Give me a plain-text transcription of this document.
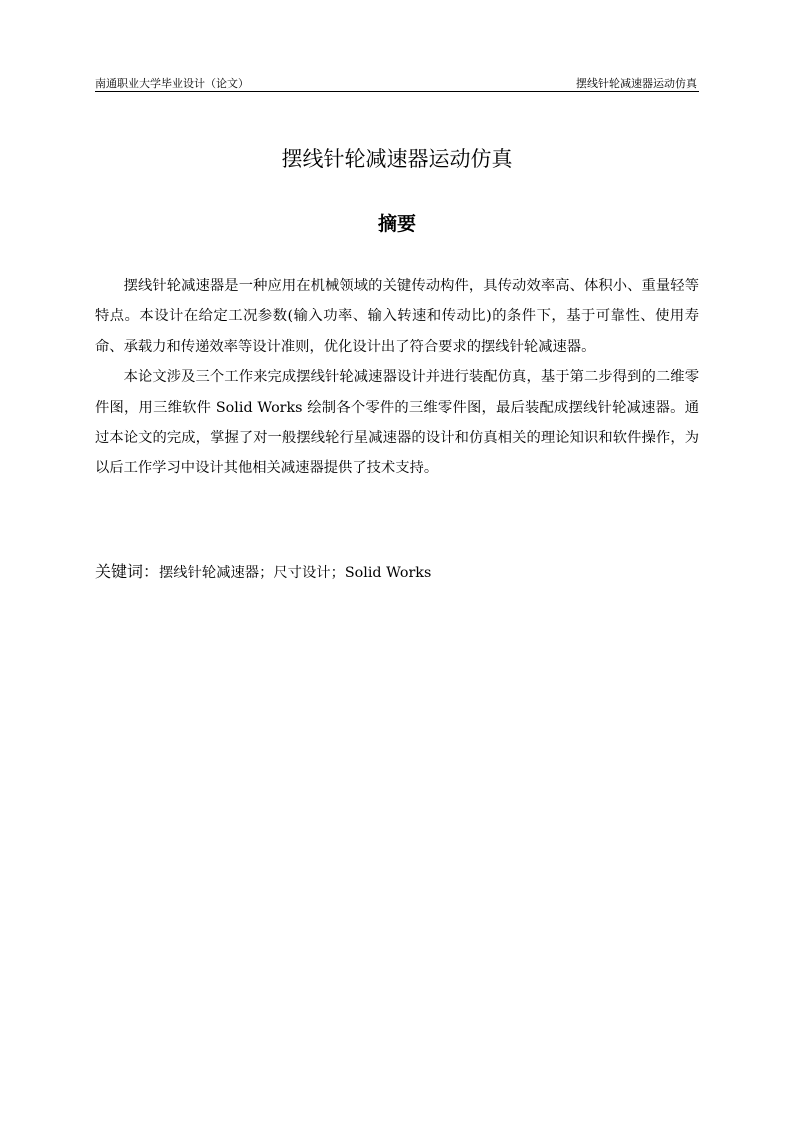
南通职业大学毕业设计（论文）	摆线针轮减速器运动仿真
摆线针轮减速器运动仿真
摘要

摆线针轮减速器是一种应用在机械领域的关键传动构件，具传动效率高、体积小、重量轻等特点。本设计在给定工况参数(输入功率、输入转速和传动比)的条件下，基于可靠性、使用寿命、承载力和传递效率等设计准则，优化设计出了符合要求的摆线针轮减速器。

本论文涉及三个工作来完成摆线针轮减速器设计并进行装配仿真，基于第二步得到的二维零件图，用三维软件 Solid Works 绘制各个零件的三维零件图，最后装配成摆线针轮减速器。通过本论文的完成，掌握了对一般摆线轮行星减速器的设计和仿真相关的理论知识和软件操作，为以后工作学习中设计其他相关减速器提供了技术支持。

关键词：摆线针轮减速器；尺寸设计；Solid Works
